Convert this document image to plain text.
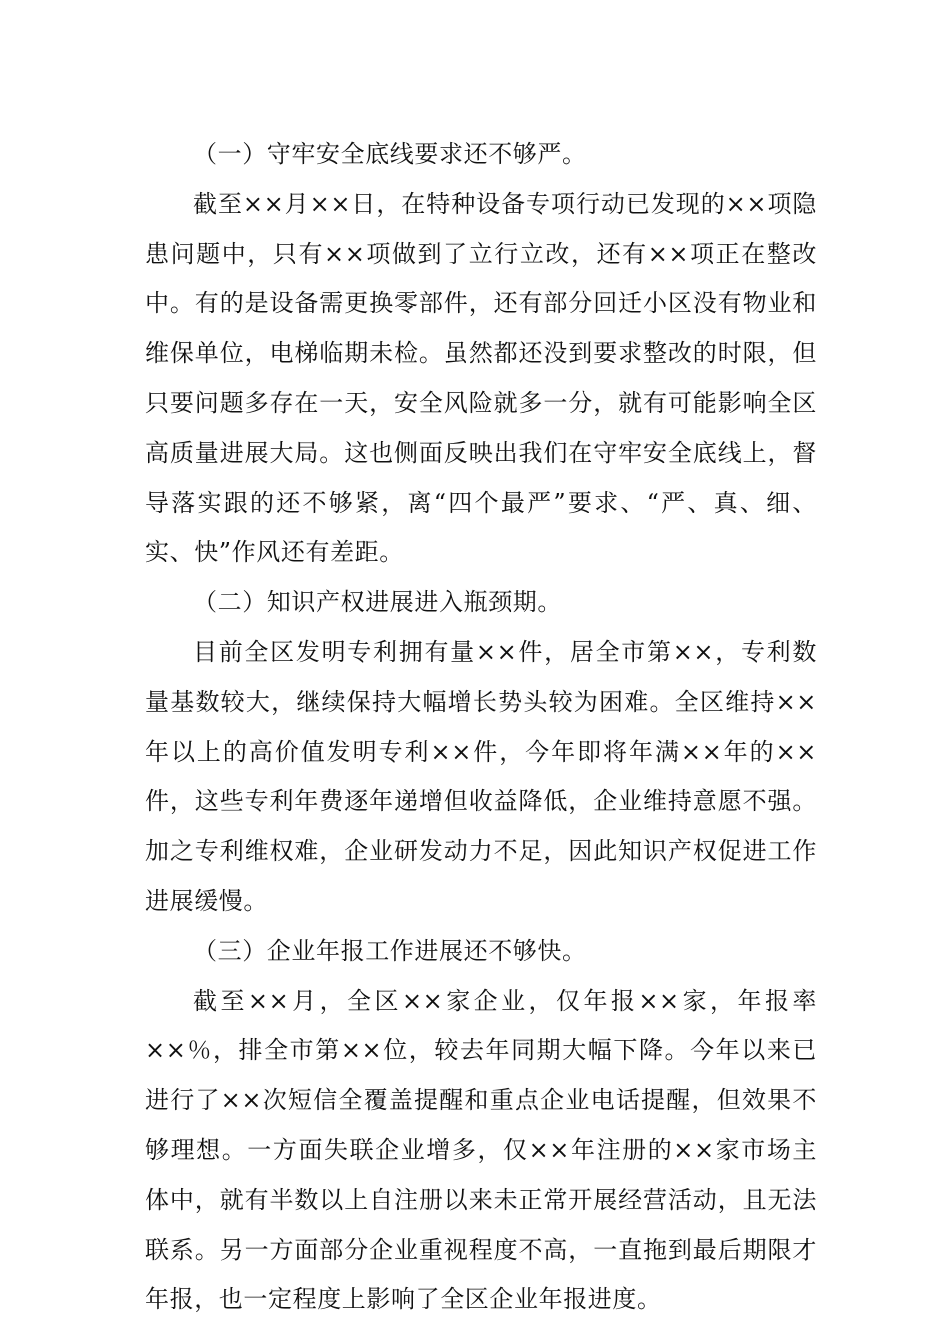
（一）守牢安全底线要求还不够严。

截至××月××日，在特种设备专项行动已发现的××项隐患问题中，只有××项做到了立行立改，还有××项正在整改中。有的是设备需更换零部件，还有部分回迁小区没有物业和维保单位，电梯临期未检。虽然都还没到要求整改的时限，但只要问题多存在一天，安全风险就多一分，就有可能影响全区高质量进展大局。这也侧面反映出我们在守牢安全底线上，督导落实跟的还不够紧，离“四个最严”要求、“严、真、细、实、快”作风还有差距。

（二）知识产权进展进入瓶颈期。

目前全区发明专利拥有量××件，居全市第××，专利数量基数较大，继续保持大幅增长势头较为困难。全区维持××年以上的高价值发明专利××件，今年即将年满××年的××件，这些专利年费逐年递增但收益降低，企业维持意愿不强。加之专利维权难，企业研发动力不足，因此知识产权促进工作进展缓慢。

（三）企业年报工作进展还不够快。

截至××月，全区××家企业，仅年报××家，年报率××％，排全市第××位，较去年同期大幅下降。今年以来已进行了××次短信全覆盖提醒和重点企业电话提醒，但效果不够理想。一方面失联企业增多，仅××年注册的××家市场主体中，就有半数以上自注册以来未正常开展经营活动，且无法联系。另一方面部分企业重视程度不高，一直拖到最后期限才年报，也一定程度上影响了全区企业年报进度。
